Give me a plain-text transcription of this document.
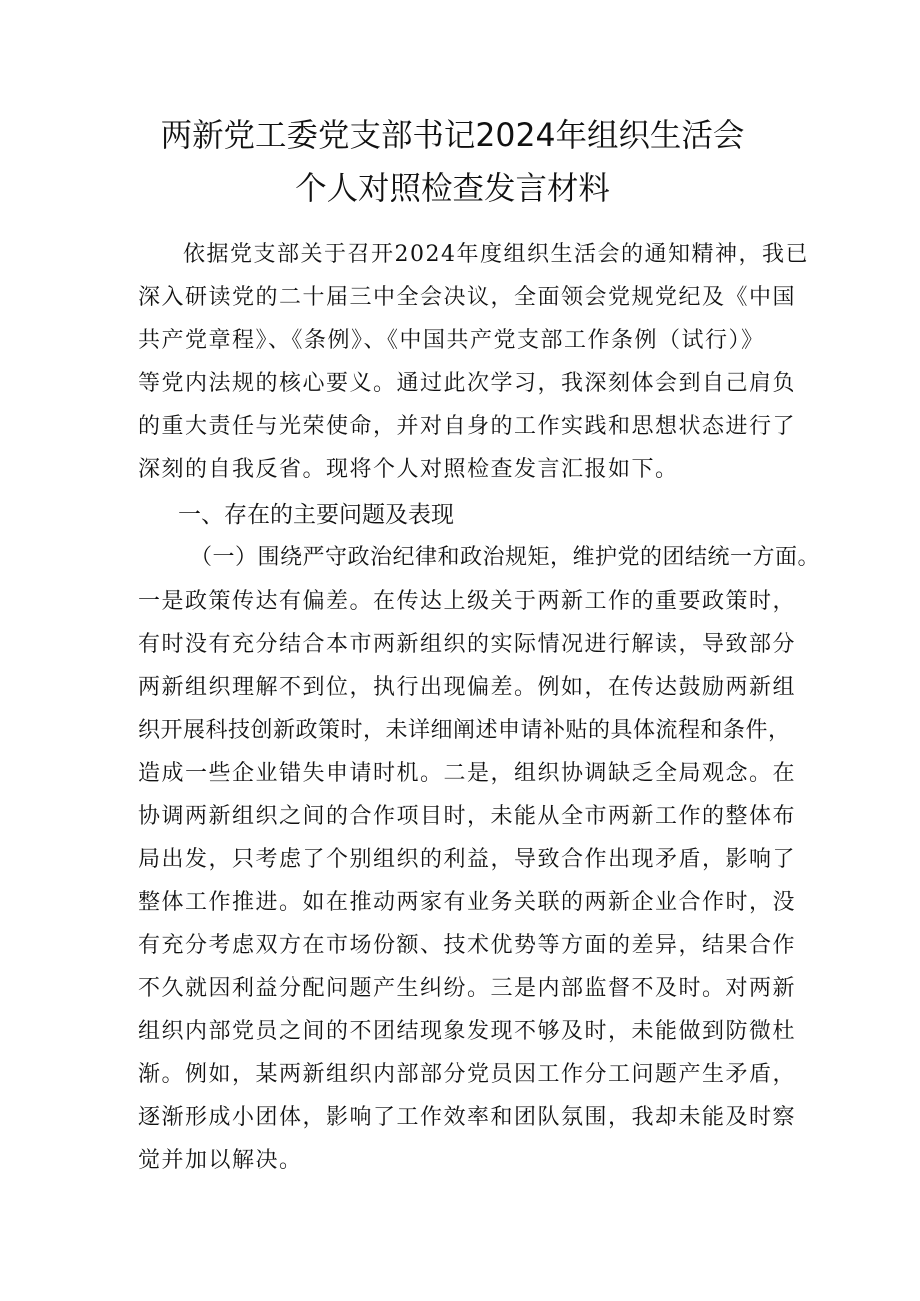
两新党工委党支部书记2024年组织生活会
个人对照检查发言材料
依据党支部关于召开2024年度组织生活会的通知精神，我已
深入研读党的二十届三中全会决议，全面领会党规党纪及《中国
共产党章程》、《条例》、《中国共产党支部工作条例（试行）》
等党内法规的核心要义。通过此次学习，我深刻体会到自己肩负
的重大责任与光荣使命，并对自身的工作实践和思想状态进行了
深刻的自我反省。现将个人对照检查发言汇报如下。
一、存在的主要问题及表现
（一）围绕严守政治纪律和政治规矩，维护党的团结统一方面。
一是政策传达有偏差。在传达上级关于两新工作的重要政策时，
有时没有充分结合本市两新组织的实际情况进行解读，导致部分
两新组织理解不到位，执行出现偏差。例如，在传达鼓励两新组
织开展科技创新政策时，未详细阐述申请补贴的具体流程和条件，
造成一些企业错失申请时机。二是，组织协调缺乏全局观念。在
协调两新组织之间的合作项目时，未能从全市两新工作的整体布
局出发，只考虑了个别组织的利益，导致合作出现矛盾，影响了
整体工作推进。如在推动两家有业务关联的两新企业合作时，没
有充分考虑双方在市场份额、技术优势等方面的差异，结果合作
不久就因利益分配问题产生纠纷。三是内部监督不及时。对两新
组织内部党员之间的不团结现象发现不够及时，未能做到防微杜
渐。例如，某两新组织内部部分党员因工作分工问题产生矛盾，
逐渐形成小团体，影响了工作效率和团队氛围，我却未能及时察
觉并加以解决。
